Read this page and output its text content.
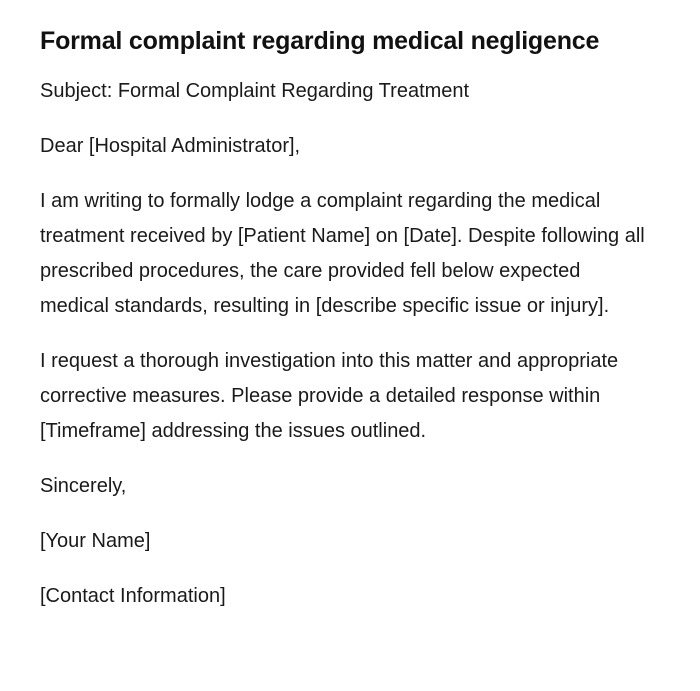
Formal complaint regarding medical negligence

Subject: Formal Complaint Regarding Treatment

Dear [Hospital Administrator],

I am writing to formally lodge a complaint regarding the medical treatment received by [Patient Name] on [Date]. Despite following all prescribed procedures, the care provided fell below expected medical standards, resulting in [describe specific issue or injury].

I request a thorough investigation into this matter and appropriate corrective measures. Please provide a detailed response within [Timeframe] addressing the issues outlined.

Sincerely,

[Your Name]

[Contact Information]
